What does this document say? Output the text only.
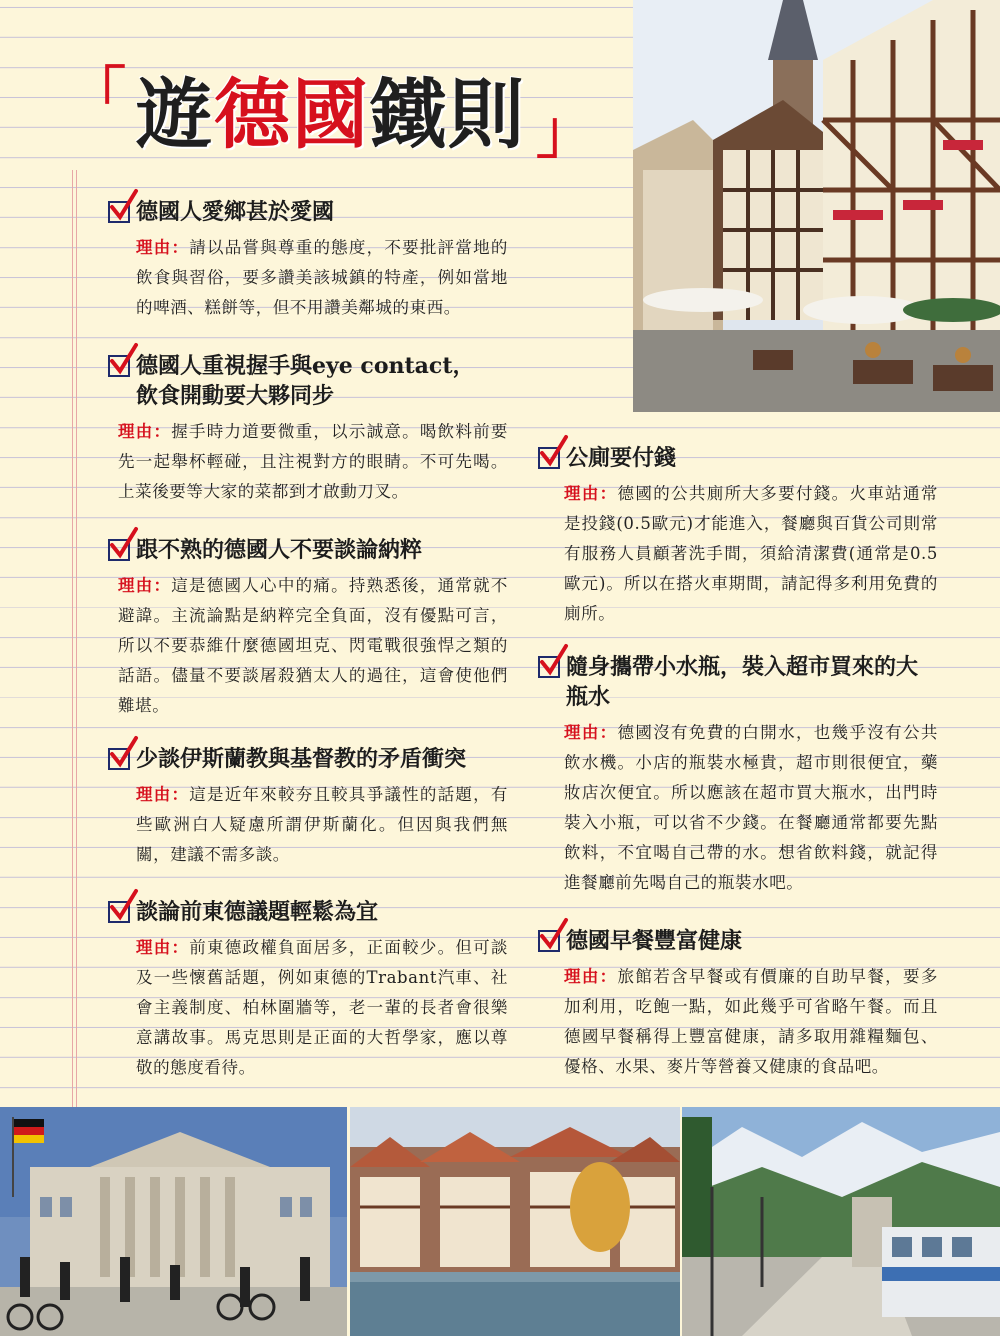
「 遊 德國 鐵則 」
德國人愛鄉甚於愛國
理由：請以品嘗與尊重的態度，不要批評當地的飲食與習俗，要多讚美該城鎮的特產，例如當地的啤酒、糕餅等，但不用讚美鄰城的東西。
德國人重視握手與eye contact，飲食開動要大夥同步
理由：握手時力道要微重，以示誠意。喝飲料前要先一起舉杯輕碰，且注視對方的眼睛。不可先喝。上菜後要等大家的菜都到才啟動刀叉。
跟不熟的德國人不要談論納粹
理由：這是德國人心中的痛。持熟悉後，通常就不避諱。主流論點是納粹完全負面，沒有優點可言，所以不要恭維什麼德國坦克、閃電戰很強悍之類的話語。儘量不要談屠殺猶太人的過往，這會使他們難堪。
少談伊斯蘭教與基督教的矛盾衝突
理由：這是近年來較夯且較具爭議性的話題，有些歐洲白人疑慮所謂伊斯蘭化。但因與我們無關，建議不需多談。
談論前東德議題輕鬆為宜
理由：前東德政權負面居多，正面較少。但可談及一些懷舊話題，例如東德的Trabant汽車、社會主義制度、柏林圍牆等，老一輩的長者會很樂意講故事。馬克思則是正面的大哲學家，應以尊敬的態度看待。
公廁要付錢
理由：德國的公共廁所大多要付錢。火車站通常是投錢(0.5歐元)才能進入，餐廳與百貨公司則常有服務人員顧著洗手間，須給清潔費(通常是0.5歐元)。所以在搭火車期間，請記得多利用免費的廁所。
隨身攜帶小水瓶，裝入超市買來的大瓶水
理由：德國沒有免費的白開水，也幾乎沒有公共飲水機。小店的瓶裝水極貴，超市則很便宜，藥妝店次便宜。所以應該在超市買大瓶水，出門時裝入小瓶，可以省不少錢。在餐廳通常都要先點飲料，不宜喝自己帶的水。想省飲料錢，就記得進餐廳前先喝自己的瓶裝水吧。
德國早餐豐富健康
理由：旅館若含早餐或有價廉的自助早餐，要多加利用，吃飽一點，如此幾乎可省略午餐。而且德國早餐稱得上豐富健康，請多取用雜糧麵包、優格、水果、麥片等營養又健康的食品吧。
